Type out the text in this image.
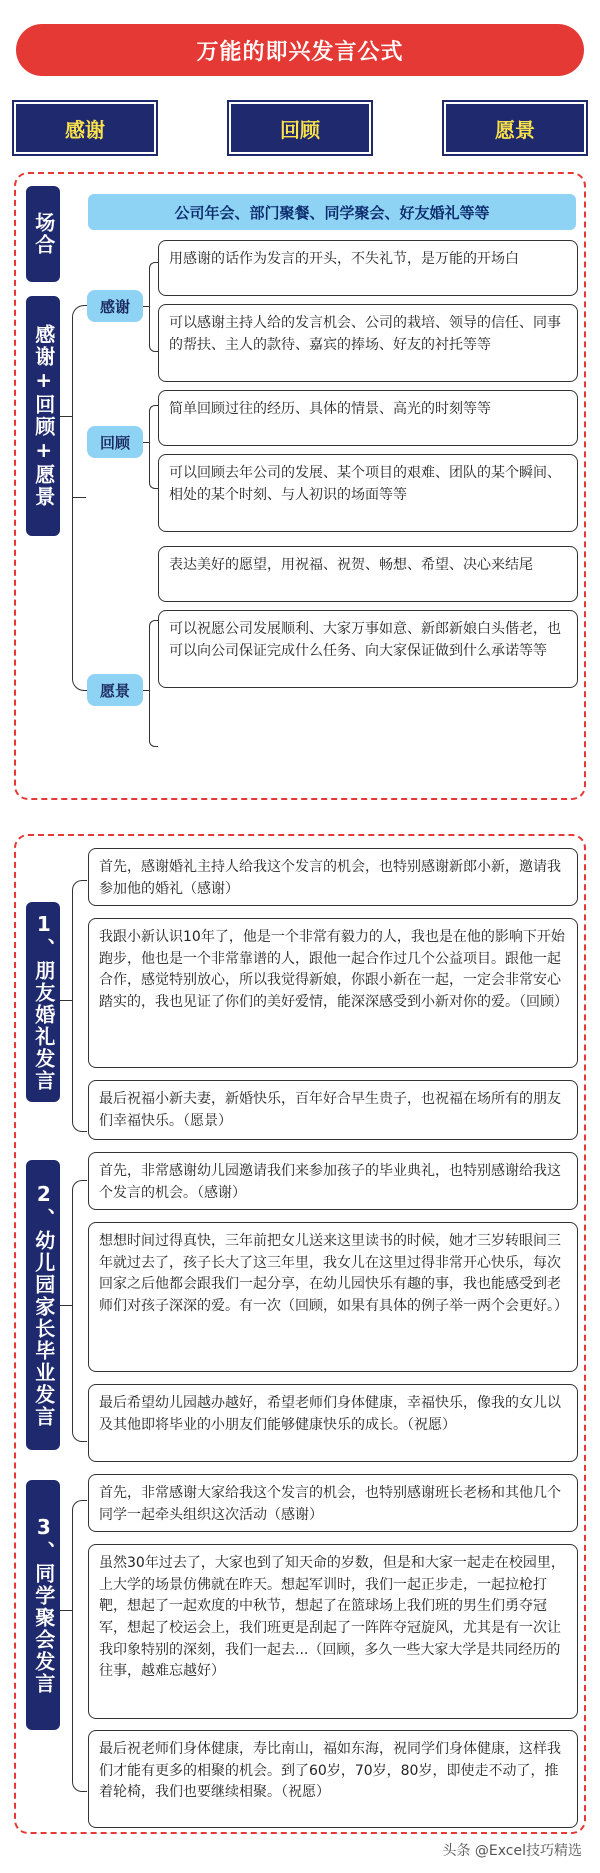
万能的即兴发言公式
感谢	回顾	愿景
场合	公司年会、部门聚餐、同学聚会、好友婚礼等等
感谢+回顾+愿景
感谢
用感谢的话作为发言的开头，不失礼节，是万能的开场白
可以感谢主持人给的发言机会、公司的栽培、领导的信任、同事的帮扶、主人的款待、嘉宾的捧场、好友的衬托等等
回顾
简单回顾过往的经历、具体的情景、高光的时刻等等
可以回顾去年公司的发展、某个项目的艰难、团队的某个瞬间、相处的某个时刻、与人初识的场面等等
愿景
表达美好的愿望，用祝福、祝贺、畅想、希望、决心来结尾
可以祝愿公司发展顺利、大家万事如意、新郎新娘白头偕老，也可以向公司保证完成什么任务、向大家保证做到什么承诺等等
1、朋友婚礼发言
首先，感谢婚礼主持人给我这个发言的机会，也特别感谢新郎小新，邀请我参加他的婚礼（感谢）
我跟小新认识10年了，他是一个非常有毅力的人，我也是在他的影响下开始跑步，他也是一个非常靠谱的人，跟他一起合作过几个公益项目。跟他一起合作，感觉特别放心，所以我觉得新娘，你跟小新在一起，一定会非常安心踏实的，我也见证了你们的美好爱情，能深深感受到小新对你的爱。（回顾）
最后祝福小新夫妻，新婚快乐，百年好合早生贵子，也祝福在场所有的朋友们幸福快乐。（愿景）
2、幼儿园家长毕业发言
首先，非常感谢幼儿园邀请我们来参加孩子的毕业典礼，也特别感谢给我这个发言的机会。（感谢）
想想时间过得真快，三年前把女儿送来这里读书的时候，她才三岁转眼间三年就过去了，孩子长大了这三年里，我女儿在这里过得非常开心快乐，每次回家之后他都会跟我们一起分享，在幼儿园快乐有趣的事，我也能感受到老师们对孩子深深的爱。有一次（回顾，如果有具体的例子举一两个会更好。）
最后希望幼儿园越办越好，希望老师们身体健康，幸福快乐，像我的女儿以及其他即将毕业的小朋友们能够健康快乐的成长。（祝愿）
3、同学聚会发言
首先，非常感谢大家给我这个发言的机会，也特别感谢班长老杨和其他几个同学一起牵头组织这次活动（感谢）
虽然30年过去了，大家也到了知天命的岁数，但是和大家一起走在校园里，上大学的场景仿佛就在昨天。想起军训时，我们一起正步走，一起拉枪打靶，想起了一起欢度的中秋节，想起了在篮球场上我们班的男生们勇夺冠军，想起了校运会上，我们班更是刮起了一阵阵夺冠旋风，尤其是有一次让我印象特别的深刻，我们一起去...（回顾，多久一些大家大学是共同经历的往事，越难忘越好）
最后祝老师们身体健康，寿比南山，福如东海，祝同学们身体健康，这样我们才能有更多的相聚的机会。到了60岁，70岁，80岁，即使走不动了，推着轮椅，我们也要继续相聚。（祝愿）
头条 @Excel技巧精选
